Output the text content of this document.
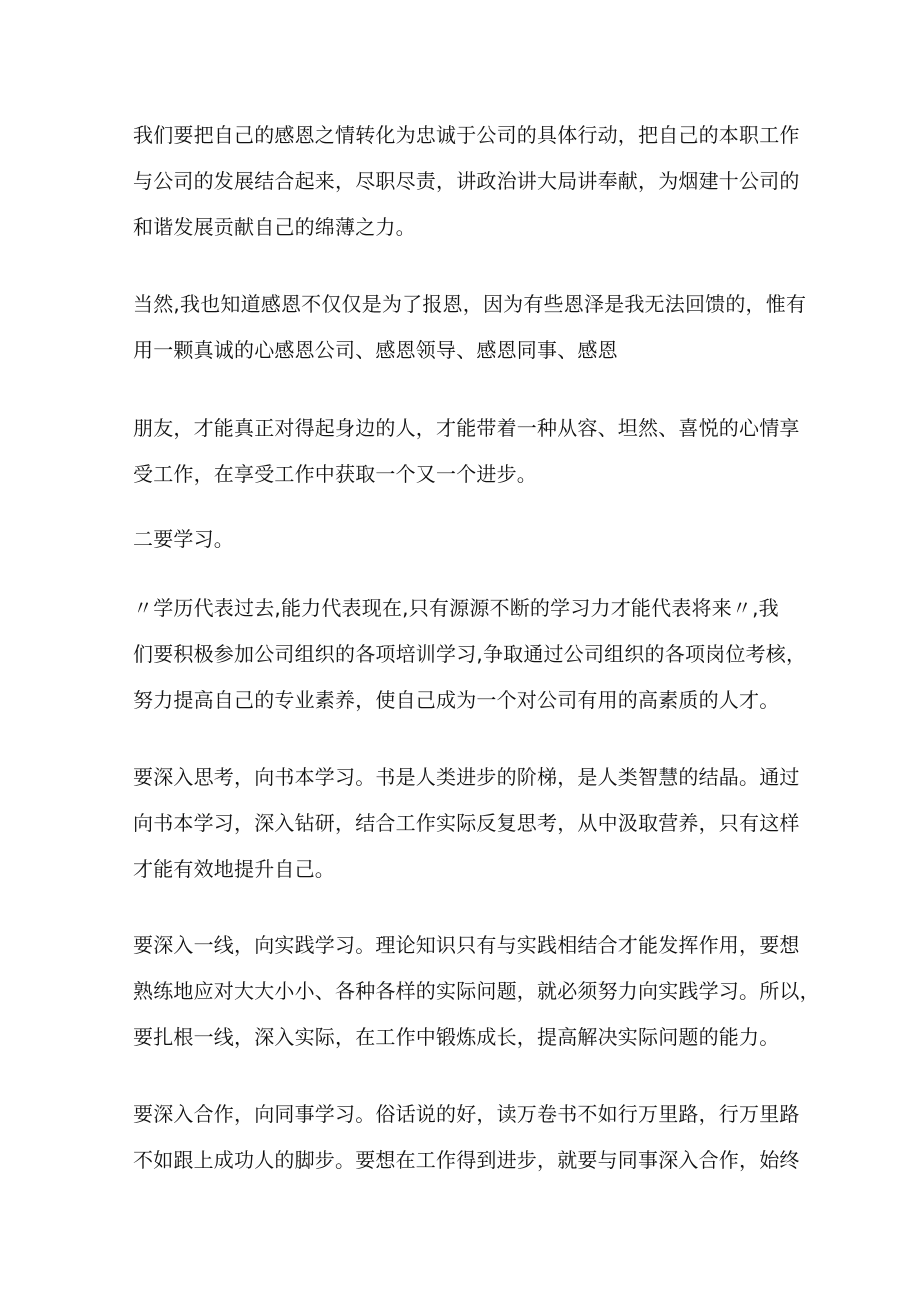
我们要把自己的感恩之情转化为忠诚于公司的具体行动，把自己的本职工作
与公司的发展结合起来，尽职尽责，讲政治讲大局讲奉献，为烟建十公司的
和谐发展贡献自己的绵薄之力。
当然,我也知道感恩不仅仅是为了报恩，因为有些恩泽是我无法回馈的，惟有
用一颗真诚的心感恩公司、感恩领导、感恩同事、感恩
朋友，才能真正对得起身边的人，才能带着一种从容、坦然、喜悦的心情享
受工作，在享受工作中获取一个又一个进步。
二要学习。
〃学历代表过去,能力代表现在,只有源源不断的学习力才能代表将来〃,我
们要积极参加公司组织的各项培训学习,争取通过公司组织的各项岗位考核，
努力提高自己的专业素养，使自己成为一个对公司有用的高素质的人才。
要深入思考，向书本学习。书是人类进步的阶梯，是人类智慧的结晶。通过
向书本学习，深入钻研，结合工作实际反复思考，从中汲取营养，只有这样
才能有效地提升自己。
要深入一线，向实践学习。理论知识只有与实践相结合才能发挥作用，要想
熟练地应对大大小小、各种各样的实际问题，就必须努力向实践学习。所以，
要扎根一线，深入实际，在工作中锻炼成长，提高解决实际问题的能力。
要深入合作，向同事学习。俗话说的好，读万卷书不如行万里路，行万里路
不如跟上成功人的脚步。要想在工作得到进步，就要与同事深入合作，始终
